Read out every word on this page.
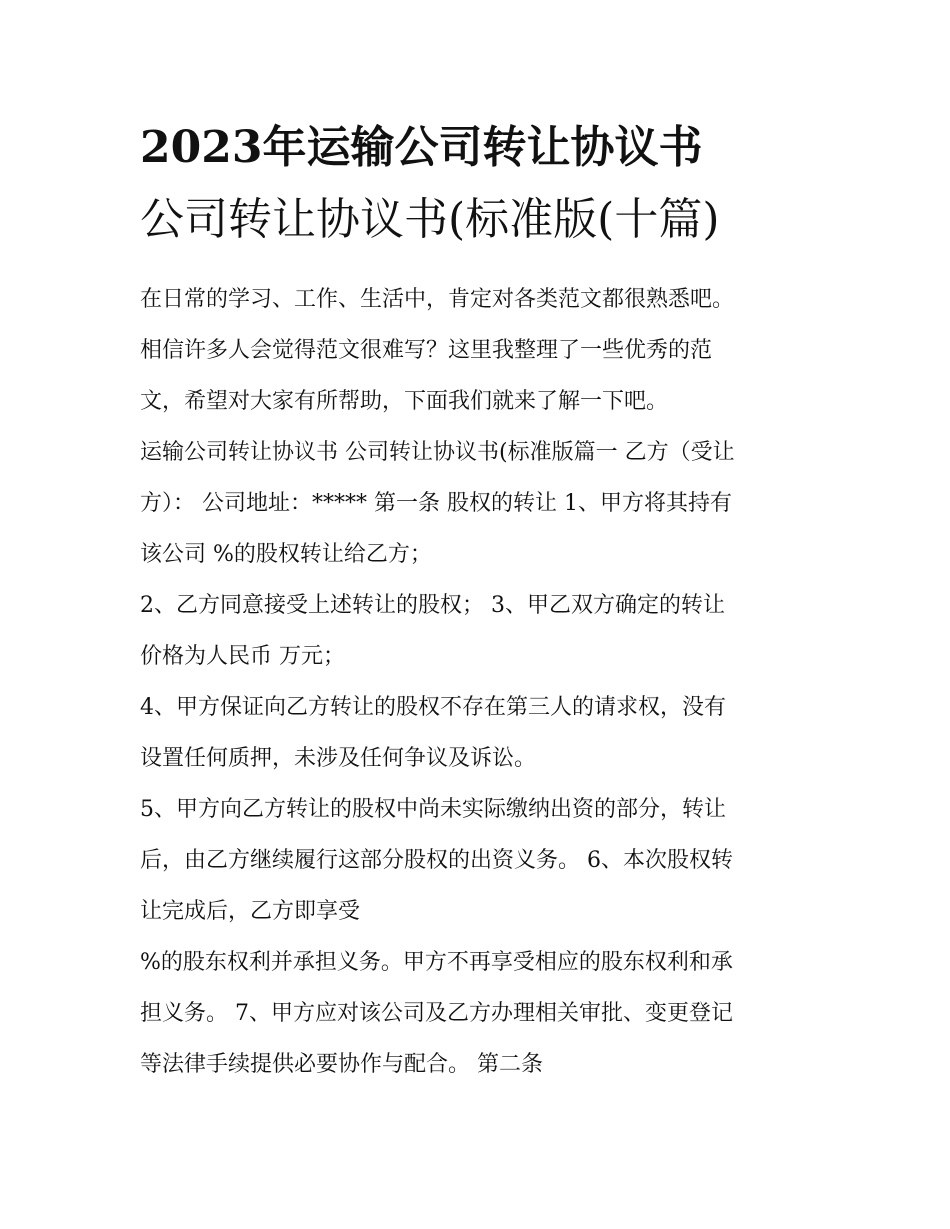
2023年运输公司转让协议书
公司转让协议书(标准版(十篇)

在日常的学习、工作、生活中，肯定对各类范文都很熟悉吧。

相信许多人会觉得范文很难写？这里我整理了一些优秀的范

文，希望对大家有所帮助，下面我们就来了解一下吧。

运输公司转让协议书 公司转让协议书(标准版篇一 乙方（受让

方）： 公司地址：***** 第一条 股权的转让 1、甲方将其持有

该公司 %的股权转让给乙方；

2、乙方同意接受上述转让的股权； 3、甲乙双方确定的转让

价格为人民币 万元；

4、甲方保证向乙方转让的股权不存在第三人的请求权，没有

设置任何质押，未涉及任何争议及诉讼。

5、甲方向乙方转让的股权中尚未实际缴纳出资的部分，转让

后，由乙方继续履行这部分股权的出资义务。 6、本次股权转

让完成后，乙方即享受

%的股东权利并承担义务。甲方不再享受相应的股东权利和承

担义务。 7、甲方应对该公司及乙方办理相关审批、变更登记

等法律手续提供必要协作与配合。 第二条
